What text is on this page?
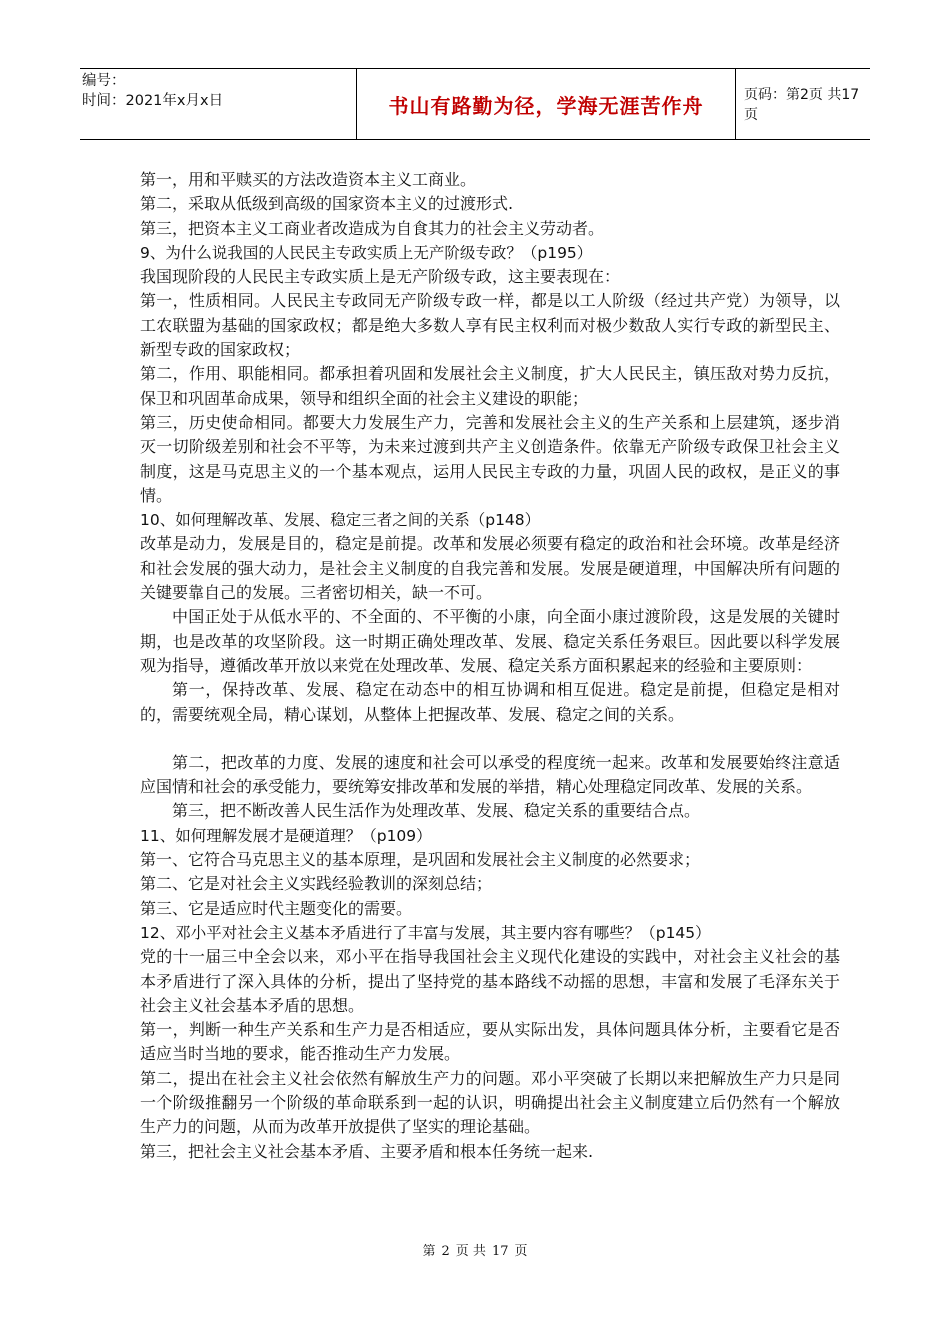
编号：
时间：2021年x月x日	书山有路勤为径，学海无涯苦作舟	页码：第2页 共17页

第一，用和平赎买的方法改造资本主义工商业。

第二，采取从低级到高级的国家资本主义的过渡形式.

第三，把资本主义工商业者改造成为自食其力的社会主义劳动者。

9、为什么说我国的人民民主专政实质上无产阶级专政？（p195）

我国现阶段的人民民主专政实质上是无产阶级专政，这主要表现在：

第一，性质相同。人民民主专政同无产阶级专政一样，都是以工人阶级（经过共产党）为领导，以工农联盟为基础的国家政权；都是绝大多数人享有民主权利而对极少数敌人实行专政的新型民主、新型专政的国家政权；

第二，作用、职能相同。都承担着巩固和发展社会主义制度，扩大人民民主，镇压敌对势力反抗，保卫和巩固革命成果，领导和组织全面的社会主义建设的职能；

第三，历史使命相同。都要大力发展生产力，完善和发展社会主义的生产关系和上层建筑，逐步消灭一切阶级差别和社会不平等，为未来过渡到共产主义创造条件。依靠无产阶级专政保卫社会主义制度，这是马克思主义的一个基本观点，运用人民民主专政的力量，巩固人民的政权，是正义的事情。

10、如何理解改革、发展、稳定三者之间的关系（p148）

改革是动力，发展是目的，稳定是前提。改革和发展必须要有稳定的政治和社会环境。改革是经济和社会发展的强大动力，是社会主义制度的自我完善和发展。发展是硬道理，中国解决所有问题的关键要靠自己的发展。三者密切相关，缺一不可。

中国正处于从低水平的、不全面的、不平衡的小康，向全面小康过渡阶段，这是发展的关键时期，也是改革的攻坚阶段。这一时期正确处理改革、发展、稳定关系任务艰巨。因此要以科学发展观为指导，遵循改革开放以来党在处理改革、发展、稳定关系方面积累起来的经验和主要原则：

第一，保持改革、发展、稳定在动态中的相互协调和相互促进。稳定是前提，但稳定是相对的，需要统观全局，精心谋划，从整体上把握改革、发展、稳定之间的关系。

第二，把改革的力度、发展的速度和社会可以承受的程度统一起来。改革和发展要始终注意适应国情和社会的承受能力，要统筹安排改革和发展的举措，精心处理稳定同改革、发展的关系。

第三，把不断改善人民生活作为处理改革、发展、稳定关系的重要结合点。

11、如何理解发展才是硬道理？（p109）

第一、它符合马克思主义的基本原理，是巩固和发展社会主义制度的必然要求；

第二、它是对社会主义实践经验教训的深刻总结；

第三、它是适应时代主题变化的需要。

12、邓小平对社会主义基本矛盾进行了丰富与发展，其主要内容有哪些？（p145）

党的十一届三中全会以来，邓小平在指导我国社会主义现代化建设的实践中，对社会主义社会的基本矛盾进行了深入具体的分析，提出了坚持党的基本路线不动摇的思想，丰富和发展了毛泽东关于社会主义社会基本矛盾的思想。

第一，判断一种生产关系和生产力是否相适应，要从实际出发，具体问题具体分析，主要看它是否适应当时当地的要求，能否推动生产力发展。

第二，提出在社会主义社会依然有解放生产力的问题。邓小平突破了长期以来把解放生产力只是同一个阶级推翻另一个阶级的革命联系到一起的认识，明确提出社会主义制度建立后仍然有一个解放生产力的问题，从而为改革开放提供了坚实的理论基础。

第三，把社会主义社会基本矛盾、主要矛盾和根本任务统一起来.

第 2 页 共 17 页
